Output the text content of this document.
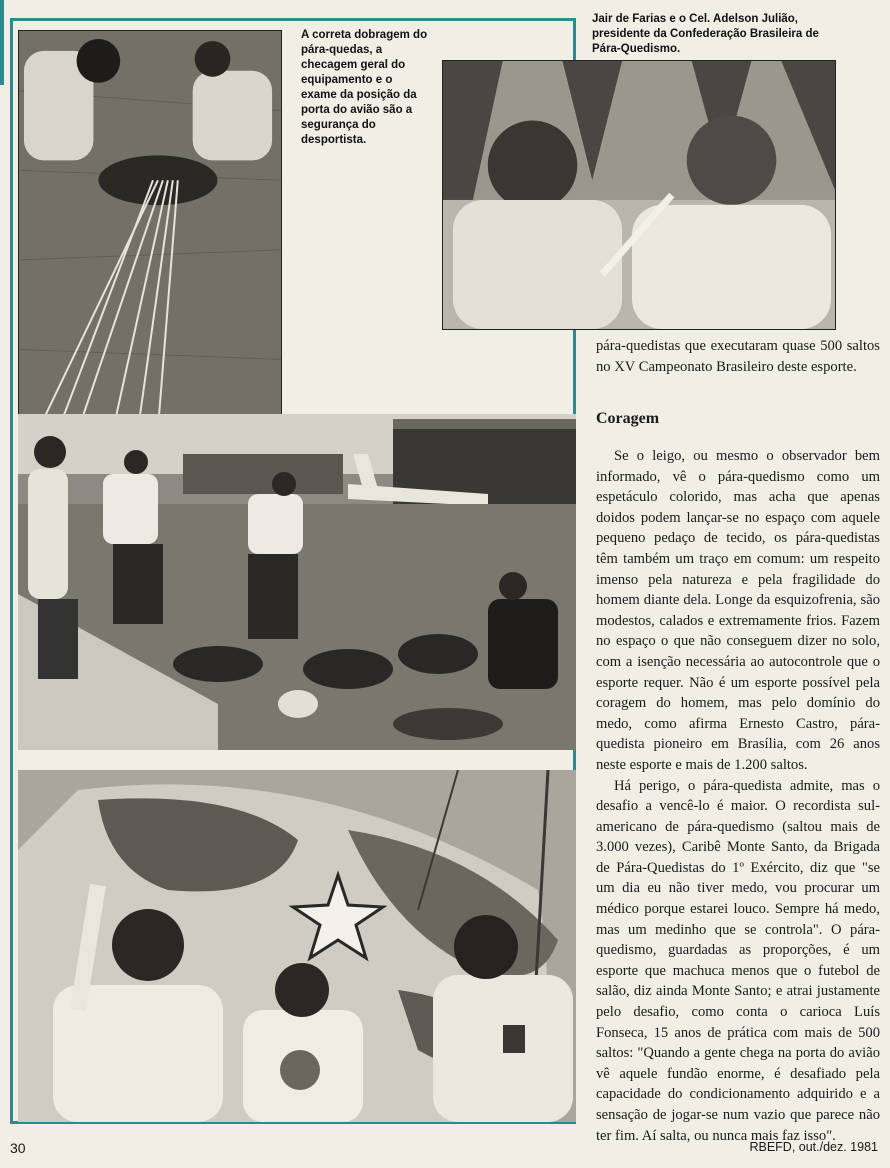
A correta dobragem do pára-quedas, a checagem geral do equipamento e o exame da posição da porta do avião são a segurança do desportista.
Jair de Farias e o Cel. Adelson Julião, presidente da Confederação Brasileira de Pára-Quedismo.

pára-quedistas que executaram quase 500 saltos no XV Campeonato Brasileiro deste esporte.

Coragem

Se o leigo, ou mesmo o observador bem informado, vê o pára-quedismo como um espetáculo colorido, mas acha que apenas doidos podem lançar-se no espaço com aquele pequeno pedaço de tecido, os pára-quedistas têm também um traço em comum: um respeito imenso pela natureza e pela fragilidade do homem diante dela. Longe da esquizofrenia, são modestos, calados e extremamente frios. Fazem no espaço o que não conseguem dizer no solo, com a isenção necessária ao autocontrole que o esporte requer. Não é um esporte possível pela coragem do homem, mas pelo domínio do medo, como afirma Ernesto Castro, pára-quedista pioneiro em Brasília, com 26 anos neste esporte e mais de 1.200 saltos.

Há perigo, o pára-quedista admite, mas o desafio a vencê-lo é maior. O recordista sul-americano de pára-quedismo (saltou mais de 3.000 vezes), Caribê Monte Santo, da Brigada de Pára-Quedistas do 1º Exército, diz que "se um dia eu não tiver medo, vou procurar um médico porque estarei louco. Sempre há medo, mas um medinho que se controla". O pára-quedismo, guardadas as proporções, é um esporte que machuca menos que o futebol de salão, diz ainda Monte Santo; e atrai justamente pelo desafio, como conta o carioca Luís Fonseca, 15 anos de prática com mais de 500 saltos: "Quando a gente chega na porta do avião vê aquele fundão enorme, é desafiado pela capacidade do condicionamento adquirido e a sensação de jogar-se num vazio que parece não ter fim. Aí salta, ou nunca mais faz isso".

30	RBEFD, out./dez. 1981
